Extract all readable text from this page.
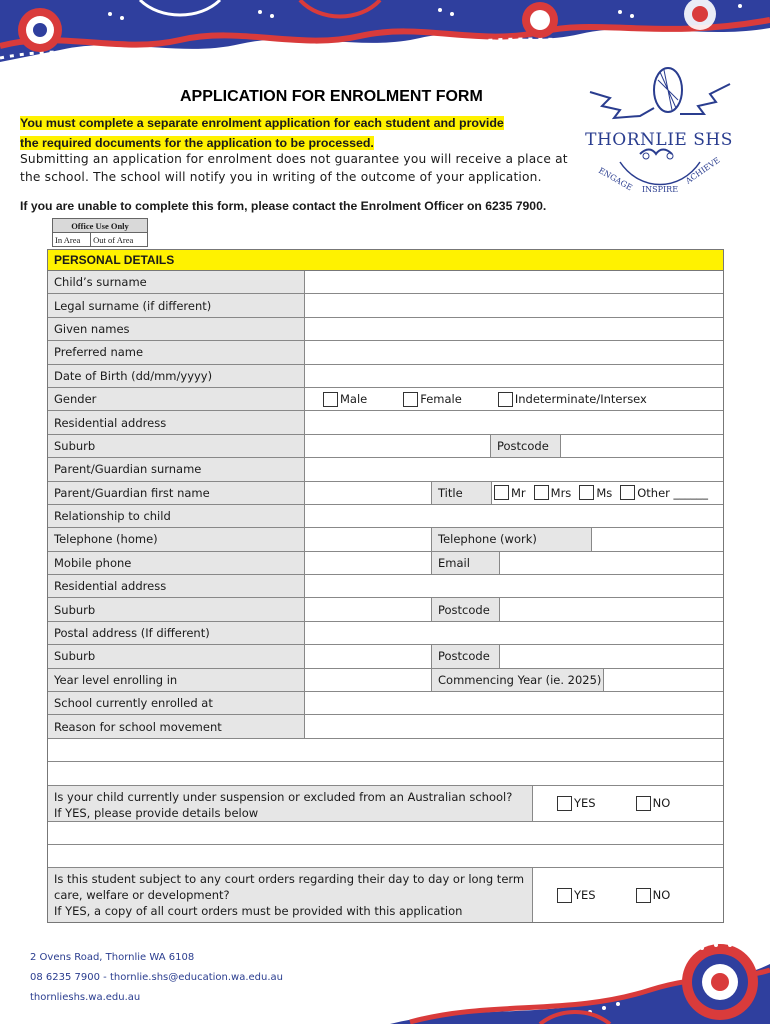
ENGAGE INSPIRE
ACHIEVE
THORNLIE SHS
APPLICATION FOR ENROLMENT FORM
You must complete a separate enrolment application for each student and provide
the required documents for the application to be processed.
Submitting an application for enrolment does not guarantee you will receive a place at
the school. The school will notify you in writing of the outcome of your application.
If you are unable to complete this form, please contact the Enrolment Officer on 6235 7900.
Office Use Only
In Area	Out of Area
PERSONAL DETAILS
Child’s surname
Legal surname (if different)
Given names
Preferred name
Date of Birth (dd/mm/yyyy)
Gender	Male	Female	Indeterminate/Intersex
Residential address
Suburb	Postcode
Parent/Guardian surname
Parent/Guardian first name	Title	Mr Mrs Ms Other ______
Relationship to child
Telephone (home)	Telephone (work)
Mobile phone	Email
Residential address
Suburb	Postcode
Postal address (If different)
Suburb	Postcode
Year level enrolling in	Commencing Year (ie. 2025)
School currently enrolled at
Reason for school movement
Is your child currently under suspension or excluded from an Australian school?
If YES, please provide details below
YES	NO
Is this student subject to any court orders regarding their day to day or long term
care, welfare or development?
If YES, a copy of all court orders must be provided with this application
YES	NO
2 Ovens Road, Thornlie WA 6108
08 6235 7900 - thornlie.shs@education.wa.edu.au
thornlieshs.wa.edu.au
